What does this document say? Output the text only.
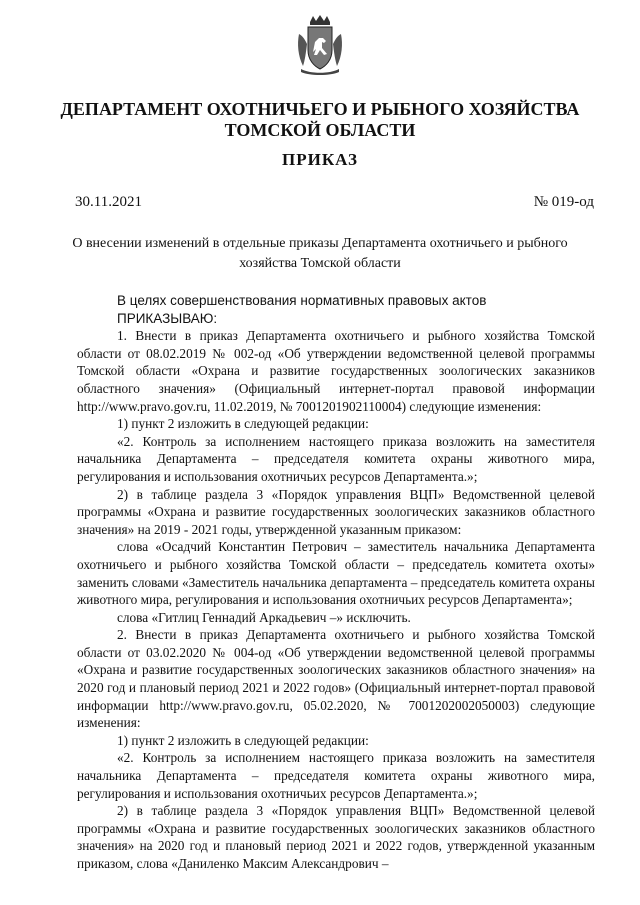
ДЕПАРТАМЕНТ ОХОТНИЧЬЕГО И РЫБНОГО ХОЗЯЙСТВА
ТОМСКОЙ ОБЛАСТИ
ПРИКАЗ
30.11.2021	№ 019-од
О внесении изменений в отдельные приказы Департамента охотничьего и рыбного
хозяйства Томской области

В целях совершенствования нормативных правовых актов

ПРИКАЗЫВАЮ:

1. Внести в приказ Департамента охотничьего и рыбного хозяйства Томской области от 08.02.2019 № 002-од «Об утверждении ведомственной целевой программы Томской области «Охрана и развитие государственных зоологических заказников областного значения» (Официальный интернет-портал правовой информации http://www.pravo.gov.ru, 11.02.2019, № 7001201902110004) следующие изменения:

1) пункт 2 изложить в следующей редакции:

«2. Контроль за исполнением настоящего приказа возложить на заместителя начальника Департамента – председателя комитета охраны животного мира, регулирования и использования охотничьих ресурсов Департамента.»;

2) в таблице раздела 3 «Порядок управления ВЦП» Ведомственной целевой программы «Охрана и развитие государственных зоологических заказников областного значения» на 2019 - 2021 годы, утвержденной указанным приказом:

слова «Осадчий Константин Петрович – заместитель начальника Департамента охотничьего и рыбного хозяйства Томской области – председатель комитета охоты» заменить словами «Заместитель начальника департамента – председатель комитета охраны животного мира, регулирования и использования охотничьих ресурсов Департамента»;

слова «Гитлиц Геннадий Аркадьевич –» исключить.

2. Внести в приказ Департамента охотничьего и рыбного хозяйства Томской области от 03.02.2020 № 004-од «Об утверждении ведомственной целевой программы «Охрана и развитие государственных зоологических заказников областного значения» на 2020 год и плановый период 2021 и 2022 годов» (Официальный интернет-портал правовой информации http://www.pravo.gov.ru, 05.02.2020, № 7001202002050003) следующие изменения:

1) пункт 2 изложить в следующей редакции:

«2. Контроль за исполнением настоящего приказа возложить на заместителя начальника Департамента – председателя комитета охраны животного мира, регулирования и использования охотничьих ресурсов Департамента.»;

2) в таблице раздела 3 «Порядок управления ВЦП» Ведомственной целевой программы «Охрана и развитие государственных зоологических заказников областного значения» на 2020 год и плановый период 2021 и 2022 годов, утвержденной указанным приказом, слова «Даниленко Максим Александрович –
